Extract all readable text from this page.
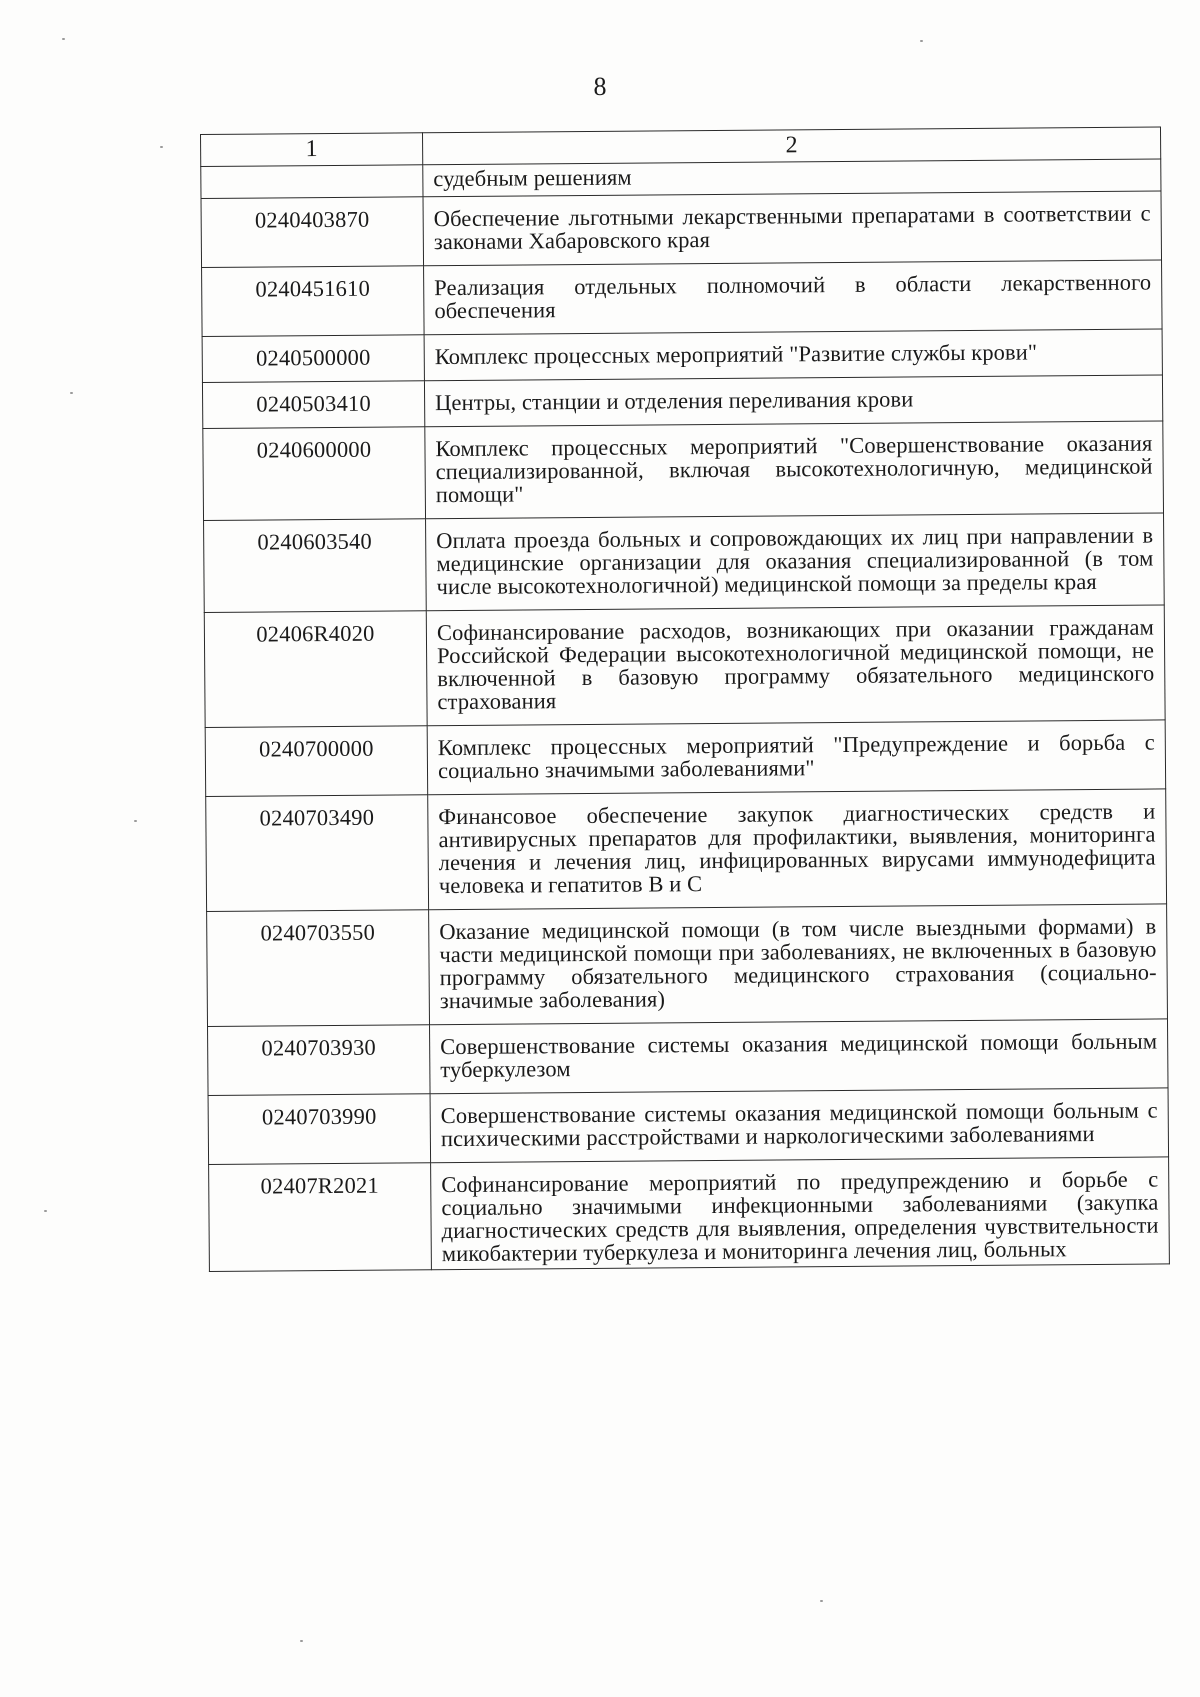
8
1	2
	судебным решениям
0240403870	Обеспечение льготными лекарственными препаратами в соответствии с законами Хабаровского края
0240451610	Реализация отдельных полномочий в области лекарственного обеспечения
0240500000	Комплекс процессных мероприятий "Развитие службы крови"
0240503410	Центры, станции и отделения переливания крови
0240600000	Комплекс процессных мероприятий "Совершенствование оказания специализированной, включая высокотехнологичную, медицинской помощи"
0240603540	Оплата проезда больных и сопровождающих их лиц при направлении в медицинские организации для оказания специализированной (в том числе высокотехнологичной) медицинской помощи за пределы края
02406R4020	Софинансирование расходов, возникающих при оказании гражданам Российской Федерации высокотехнологичной медицинской помощи, не включенной в базовую программу обязательного медицинского страхования
0240700000	Комплекс процессных мероприятий "Предупреждение и борьба с социально значимыми заболеваниями"
0240703490	Финансовое обеспечение закупок диагностических средств и антивирусных препаратов для профилактики, выявления, мониторинга лечения и лечения лиц, инфицированных вирусами иммунодефицита человека и гепатитов В и С
0240703550	Оказание медицинской помощи (в том числе выездными формами) в части медицинской помощи при заболеваниях, не включенных в базовую программу обязательного медицинского страхования (социально-значимые заболевания)
0240703930	Совершенствование системы оказания медицинской помощи больным туберкулезом
0240703990	Совершенствование системы оказания медицинской помощи больным с психическими расстройствами и наркологическими заболеваниями
02407R2021	Софинансирование мероприятий по предупреждению и борьбе с социально значимыми инфекционными заболеваниями (закупка диагностических средств для выявления, определения чувствительности микобактерии туберкулеза и мониторинга лечения лиц, больных
